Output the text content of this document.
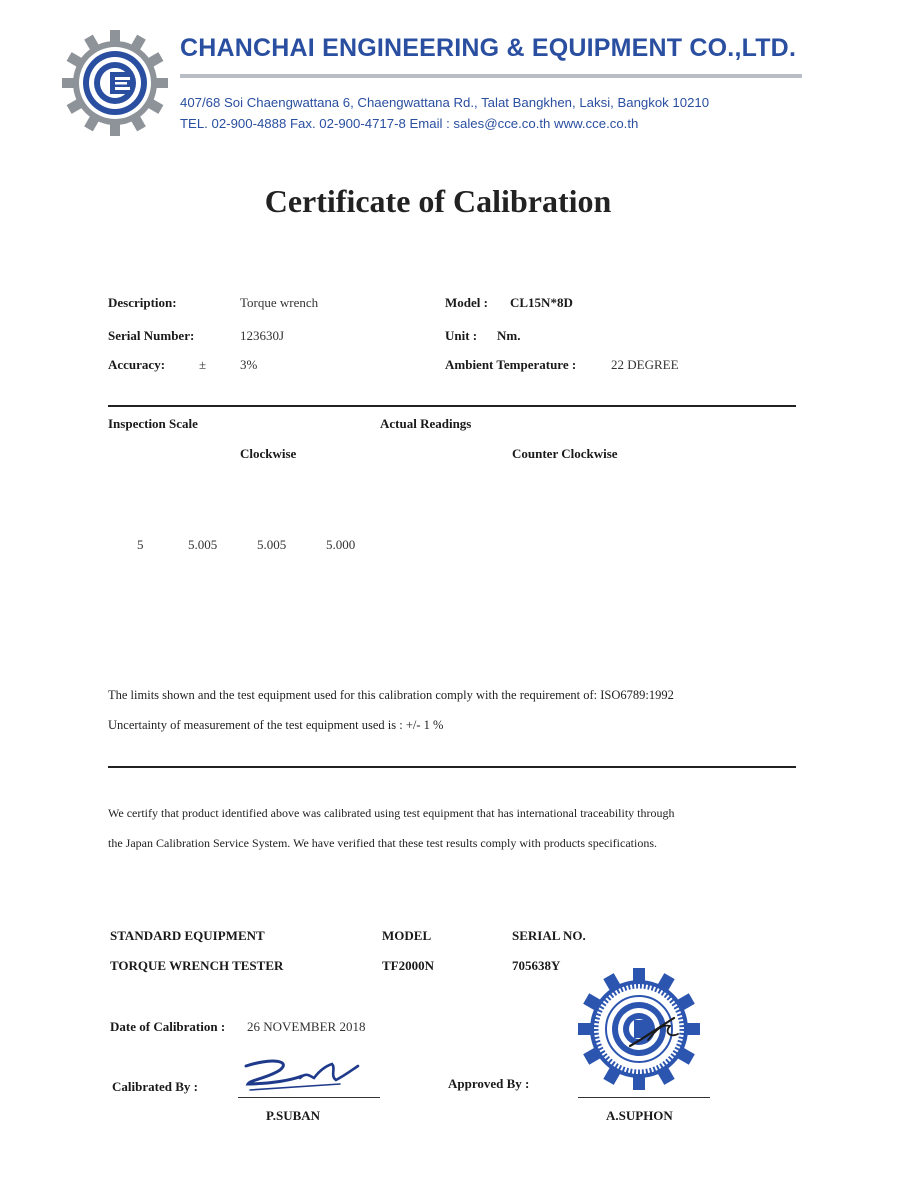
CHANCHAI ENGINEERING & EQUIPMENT CO.,LTD.
407/68 Soi Chaengwattana 6, Chaengwattana Rd., Talat Bangkhen, Laksi, Bangkok 10210
TEL. 02-900-4888 Fax. 02-900-4717-8 Email : sales@cce.co.th www.cce.co.th
Certificate of Calibration
Description:	Torque wrench
Serial Number:	123630J
Accuracy:	±	3%
Model : CL15N*8D
Unit : Nm.
Ambient Temperature :	22 DEGREE
Inspection Scale	Actual Readings
Clockwise	Counter Clockwise
5	5.005	5.005	5.000
The limits shown and the test equipment used for this calibration comply with the requirement of: ISO6789:1992
Uncertainty of measurement of the test equipment used is : +/- 1 %
We certify that product identified above was calibrated using test equipment that has international traceability through
the Japan Calibration Service System. We have verified that these test results comply with products specifications.
STANDARD EQUIPMENT	MODEL	SERIAL NO.
TORQUE WRENCH TESTER	TF2000N	705638Y
Date of Calibration : 26 NOVEMBER 2018
Calibrated By :
P.SUBAN
Approved By :
A.SUPHON
